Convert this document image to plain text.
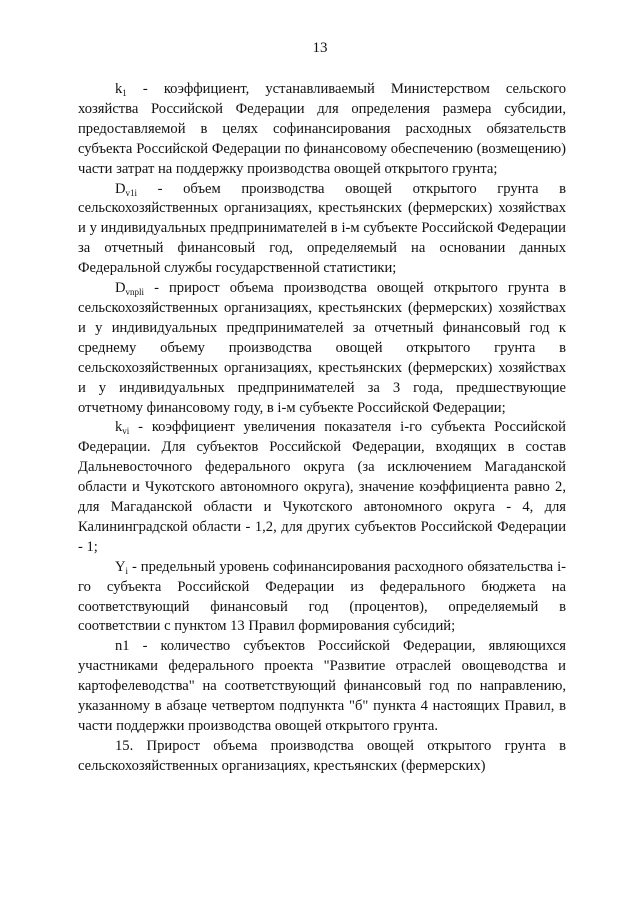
13

$k_1$ - коэффициент, устанавливаемый Министерством сельского хозяйства Российской Федерации для определения размера субсидии, предоставляемой в целях софинансирования расходных обязательств субъекта Российской Федерации по финансовому обеспечению (возмещению) части затрат на поддержку производства овощей открытого грунта;

$D_{v1i}$ - объем производства овощей открытого грунта в сельскохозяйственных организациях, крестьянских (фермерских) хозяйствах и у индивидуальных предпринимателей в i-м субъекте Российской Федерации за отчетный финансовый год, определяемый на основании данных Федеральной службы государственной статистики;

$D_{vnpli}$ - прирост объема производства овощей открытого грунта в сельскохозяйственных организациях, крестьянских (фермерских) хозяйствах и у индивидуальных предпринимателей за отчетный финансовый год к среднему объему производства овощей открытого грунта в сельскохозяйственных организациях, крестьянских (фермерских) хозяйствах и у индивидуальных предпринимателей за 3 года, предшествующие отчетному финансовому году, в i-м субъекте Российской Федерации;

$k_{vi}$ - коэффициент увеличения показателя i-го субъекта Российской Федерации. Для субъектов Российской Федерации, входящих в состав Дальневосточного федерального округа (за исключением Магаданской области и Чукотского автономного округа), значение коэффициента равно 2, для Магаданской области и Чукотского автономного округа - 4, для Калининградской области - 1,2, для других субъектов Российской Федерации - 1;

$Y_i$ - предельный уровень софинансирования расходного обязательства i-го субъекта Российской Федерации из федерального бюджета на соответствующий финансовый год (процентов), определяемый в соответствии с пунктом 13 Правил формирования субсидий;

n1 - количество субъектов Российской Федерации, являющихся участниками федерального проекта "Развитие отраслей овощеводства и картофелеводства" на соответствующий финансовый год по направлению, указанному в абзаце четвертом подпункта "б" пункта 4 настоящих Правил, в части поддержки производства овощей открытого грунта.

15. Прирост объема производства овощей открытого грунта в сельскохозяйственных организациях, крестьянских (фермерских)
